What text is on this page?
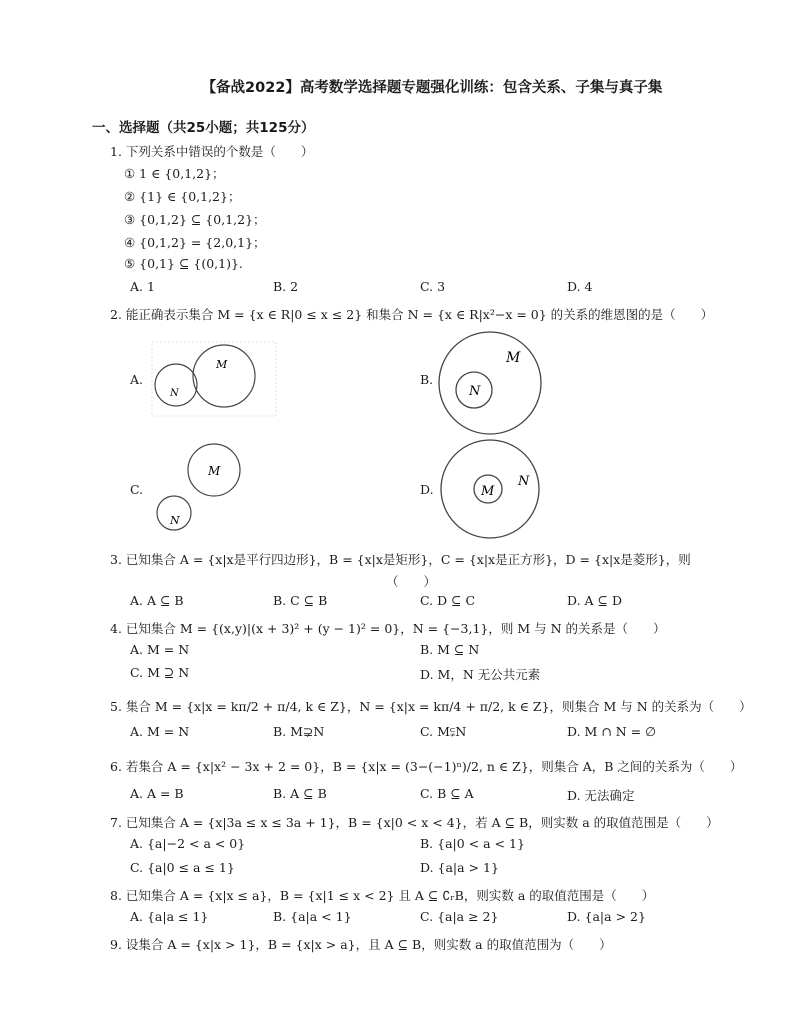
【备战2022】高考数学选择题专题强化训练：包含关系、子集与真子集
一、选择题（共25小题；共125分）
1. 下列关系中错误的个数是（　　）
① 1 ∈ {0,1,2}；
② {1} ∈ {0,1,2}；
③ {0,1,2} ⊆ {0,1,2}；
④ {0,1,2} = {2,0,1}；
⑤ {0,1} ⊆ {(0,1)}.
A. 1	B. 2	C. 3	D. 4
2. 能正确表示集合 M = {x ∈ R|0 ≤ x ≤ 2} 和集合 N = {x ∈ R|x²−x = 0} 的关系的维恩图的是（　　）
A.
M
N
B.
M
N
C.
M
N
D.	M
N
3. 已知集合 A = {x|x是平行四边形}，B = {x|x是矩形}，C = {x|x是正方形}，D = {x|x是菱形}，则
（　　）
A. A ⊆ B	B. C ⊆ B	C. D ⊆ C	D. A ⊆ D
4. 已知集合 M = {(x,y)|(x + 3)² + (y − 1)² = 0}，N = {−3,1}，则 M 与 N 的关系是（　　）
A. M = N	B. M ⊆ N
C. M ⊇ N	D. M，N 无公共元素
5. 集合 M = {x|x = kπ/2 + π/4, k ∈ Z}，N = {x|x = kπ/4 + π/2, k ∈ Z}，则集合 M 与 N 的关系为（　　）
A. M = N	B. M⊋N	C. M⫋N	D. M ∩ N = ∅
6. 若集合 A = {x|x² − 3x + 2 = 0}，B = {x|x = (3−(−1)ⁿ)/2, n ∈ Z}，则集合 A，B 之间的关系为（　　）
A. A = B	B. A ⊆ B	C. B ⊆ A	D. 无法确定
7. 已知集合 A = {x|3a ≤ x ≤ 3a + 1}，B = {x|0 < x < 4}，若 A ⊆ B，则实数 a 的取值范围是（　　）
A. {a|−2 < a < 0}	B. {a|0 < a < 1}
C. {a|0 ≤ a ≤ 1}	D. {a|a > 1}
8. 已知集合 A = {x|x ≤ a}，B = {x|1 ≤ x < 2} 且 A ⊆ ∁ᵣB，则实数 a 的取值范围是（　　）
A. {a|a ≤ 1}	B. {a|a < 1}	C. {a|a ≥ 2}	D. {a|a > 2}
9. 设集合 A = {x|x > 1}，B = {x|x > a}，且 A ⊆ B，则实数 a 的取值范围为（　　）
